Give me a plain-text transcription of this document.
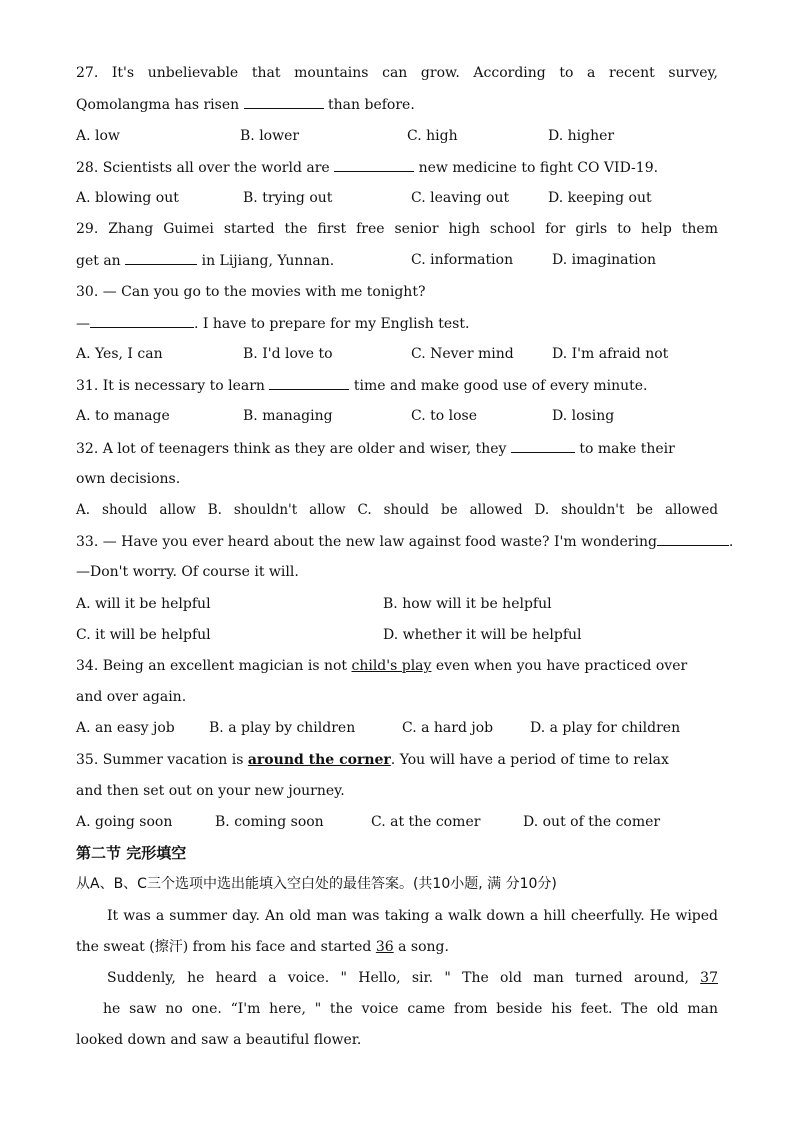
27. It's unbelievable that mountains can grow. According to a recent survey,
Qomolangma has risen	than before.
A. low	B. lower	C. high	D. higher
28. Scientists all over the world are	new medicine to fight CO VID-19.
A. blowing out	B. trying out	C. leaving out	D. keeping out
29. Zhang Guimei started the first free senior high school for girls to help them
get an	in Lijiang, Yunnan.	C. information	D. imagination
30. — Can you go to the movies with me tonight?
—	. I have to prepare for my English test.
A. Yes, I can	B. I'd love to	C. Never mind	D. I'm afraid not
31. It is necessary to learn	time and make good use of every minute.
A. to manage	B. managing	C. to lose	D. losing
32. A lot of teenagers think as they are older and wiser, they	to make their
own decisions.
A. should allow B. shouldn't allow C. should be allowed D. shouldn't be allowed
33. — Have you ever heard about the new law against food waste? I'm wondering	.
—Don't worry. Of course it will.
A. will it be helpful	B. how will it be helpful
C. it will be helpful	D. whether it will be helpful
34. Being an excellent magician is not child's play even when you have practiced over
and over again.
A. an easy job B. a play by children	C. a hard job	D. a play for children
35. Summer vacation is around the corner. You will have a period of time to relax
and then set out on your new journey.
A. going soon	B. coming soon	C. at the comer	D. out of the comer
第二节 完形填空
从A、B、C三个选项中选出能填入空白处的最佳答案。(共10小题, 满 分10分)
It was a summer day. An old man was taking a walk down a hill cheerfully. He wiped
the sweat (擦汗) from his face and started 36 a song.
Suddenly, he heard a voice. " Hello, sir. " The old man turned around, 37
he saw no one. “I'm here, " the voice came from beside his feet. The old man
looked down and saw a beautiful flower.
